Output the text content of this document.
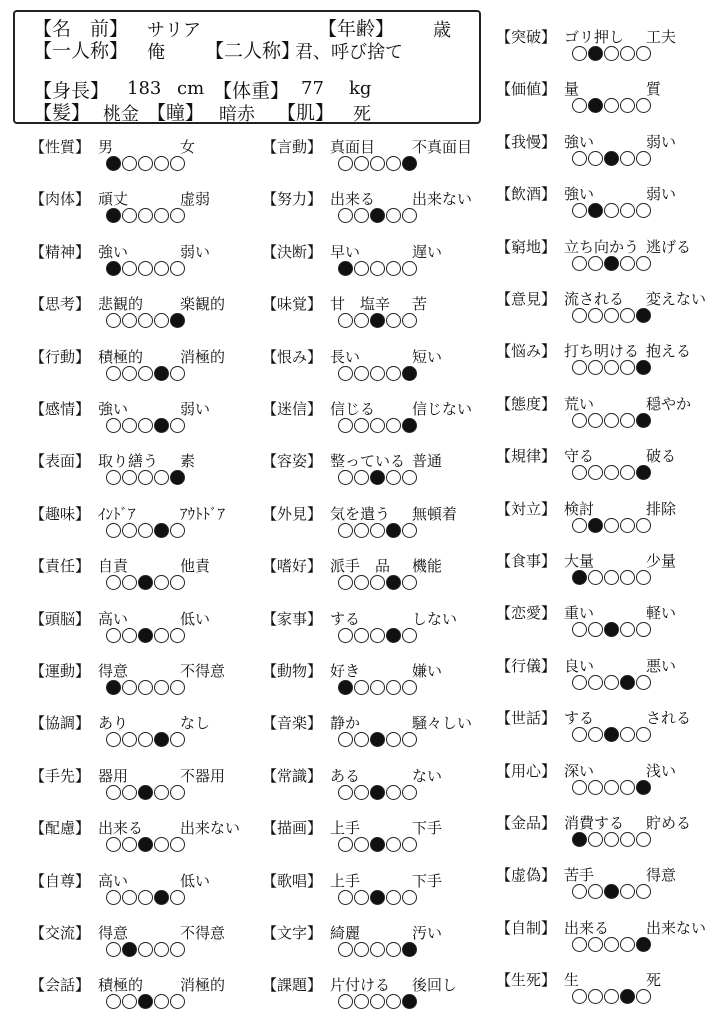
【名　前】 サリア	【年齢】 歳
【一人称】 俺 【二人称】
君、呼び捨て
【身長】 183 cm 【体重】 77 kg
【髪】 桃金 【瞳】 暗赤 【肌】 死
【性質】 男	女
【肉体】 頑丈	虚弱
【精神】 強い	弱い
【思考】 悲観的 楽観的
【行動】 積極的 消極的
【感情】 強い	弱い
【表面】 取り繕う 素
【趣味】 ｲﾝﾄﾞｱ	ｱｳﾄﾄﾞｱ
【責任】 自責	他責
【頭脳】 高い	低い
【運動】 得意	不得意
【協調】 あり	なし
【手先】 器用	不器用
【配慮】 出来る 出来ない
【自尊】 高い	低い
【交流】 得意	不得意
【会話】 積極的 消極的
【言動】 真面目 不真面目
【努力】 出来る 出来ない
【決断】 早い	遅い
【味覚】 甘　塩辛 苦
【恨み】 長い	短い
【迷信】 信じる 信じない
【容姿】 整っている 普通
【外見】 気を遣う 無頓着
【嗜好】 派手　品 機能
【家事】 する	しない
【動物】 好き	嫌い
【音楽】 静か	騒々しい
【常識】 ある	ない
【描画】 上手	下手
【歌唱】 上手	下手
【文字】 綺麗	汚い
【課題】 片付ける 後回し
【突破】 ゴリ押し 工夫
【価値】 量	質
【我慢】 強い	弱い
【飲酒】 強い	弱い
【窮地】 立ち向かう 逃げる
【意見】 流される 変えない
【悩み】 打ち明ける 抱える
【態度】 荒い	穏やか
【規律】 守る	破る
【対立】 検討	排除
【食事】 大量	少量
【恋愛】 重い	軽い
【行儀】 良い	悪い
【世話】 する	される
【用心】 深い	浅い
【金品】 消費する 貯める
【虚偽】 苦手	得意
【自制】 出来る 出来ない
【生死】 生	死
